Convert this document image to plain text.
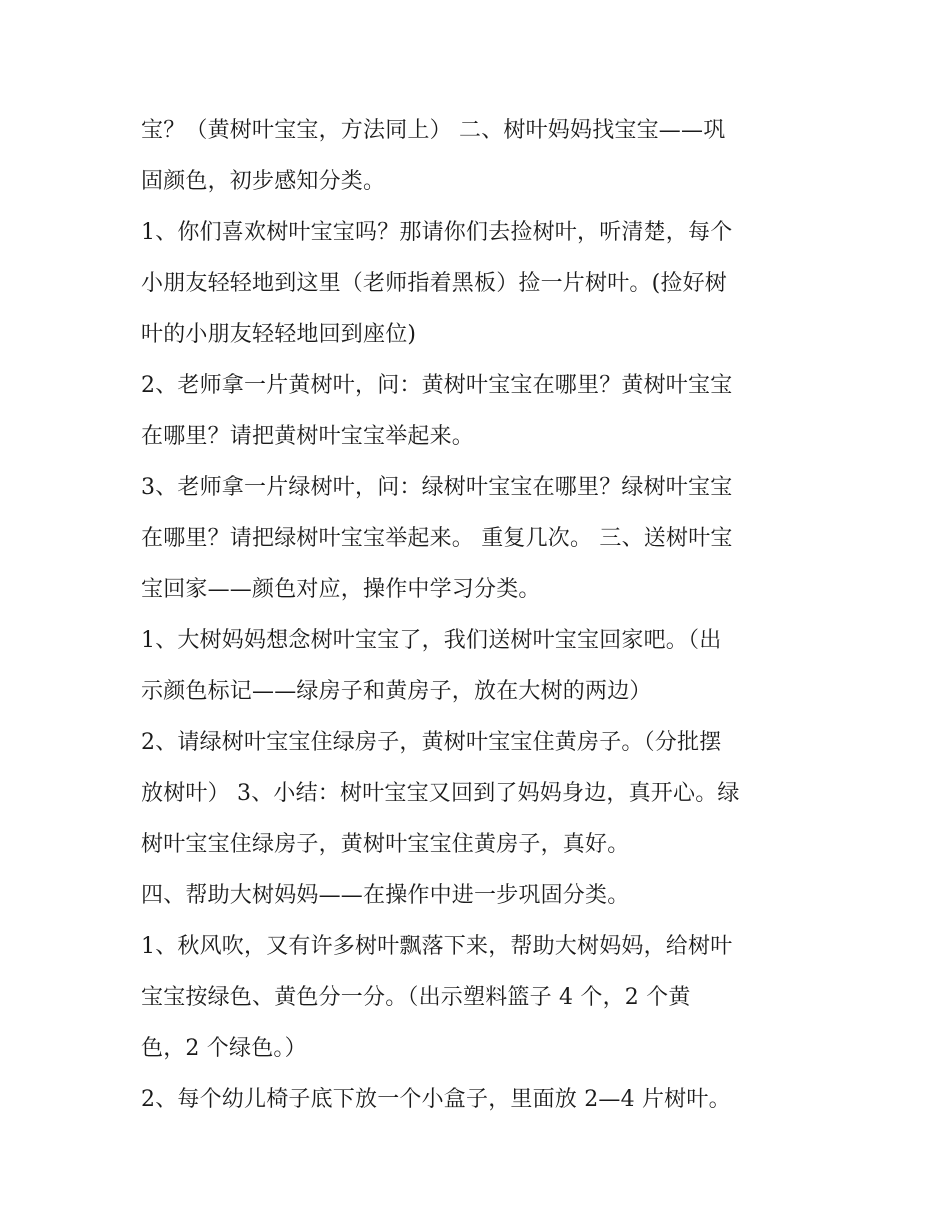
宝？（黄树叶宝宝，方法同上） 二、树叶妈妈找宝宝——巩
固颜色，初步感知分类。
1、你们喜欢树叶宝宝吗？那请你们去捡树叶，听清楚，每个
小朋友轻轻地到这里（老师指着黑板）捡一片树叶。(捡好树
叶的小朋友轻轻地回到座位)
2、老师拿一片黄树叶，问：黄树叶宝宝在哪里？黄树叶宝宝
在哪里？请把黄树叶宝宝举起来。
3、老师拿一片绿树叶，问：绿树叶宝宝在哪里？绿树叶宝宝
在哪里？请把绿树叶宝宝举起来。 重复几次。 三、送树叶宝
宝回家——颜色对应，操作中学习分类。
1、大树妈妈想念树叶宝宝了，我们送树叶宝宝回家吧。（出
示颜色标记——绿房子和黄房子，放在大树的两边）
2、请绿树叶宝宝住绿房子，黄树叶宝宝住黄房子。（分批摆
放树叶） 3、小结：树叶宝宝又回到了妈妈身边，真开心。绿
树叶宝宝住绿房子，黄树叶宝宝住黄房子，真好。
四、帮助大树妈妈——在操作中进一步巩固分类。
1、秋风吹，又有许多树叶飘落下来，帮助大树妈妈，给树叶
宝宝按绿色、黄色分一分。（出示塑料篮子 4 个，2 个黄
色，2 个绿色。）
2、每个幼儿椅子底下放一个小盒子，里面放 2—4 片树叶。
